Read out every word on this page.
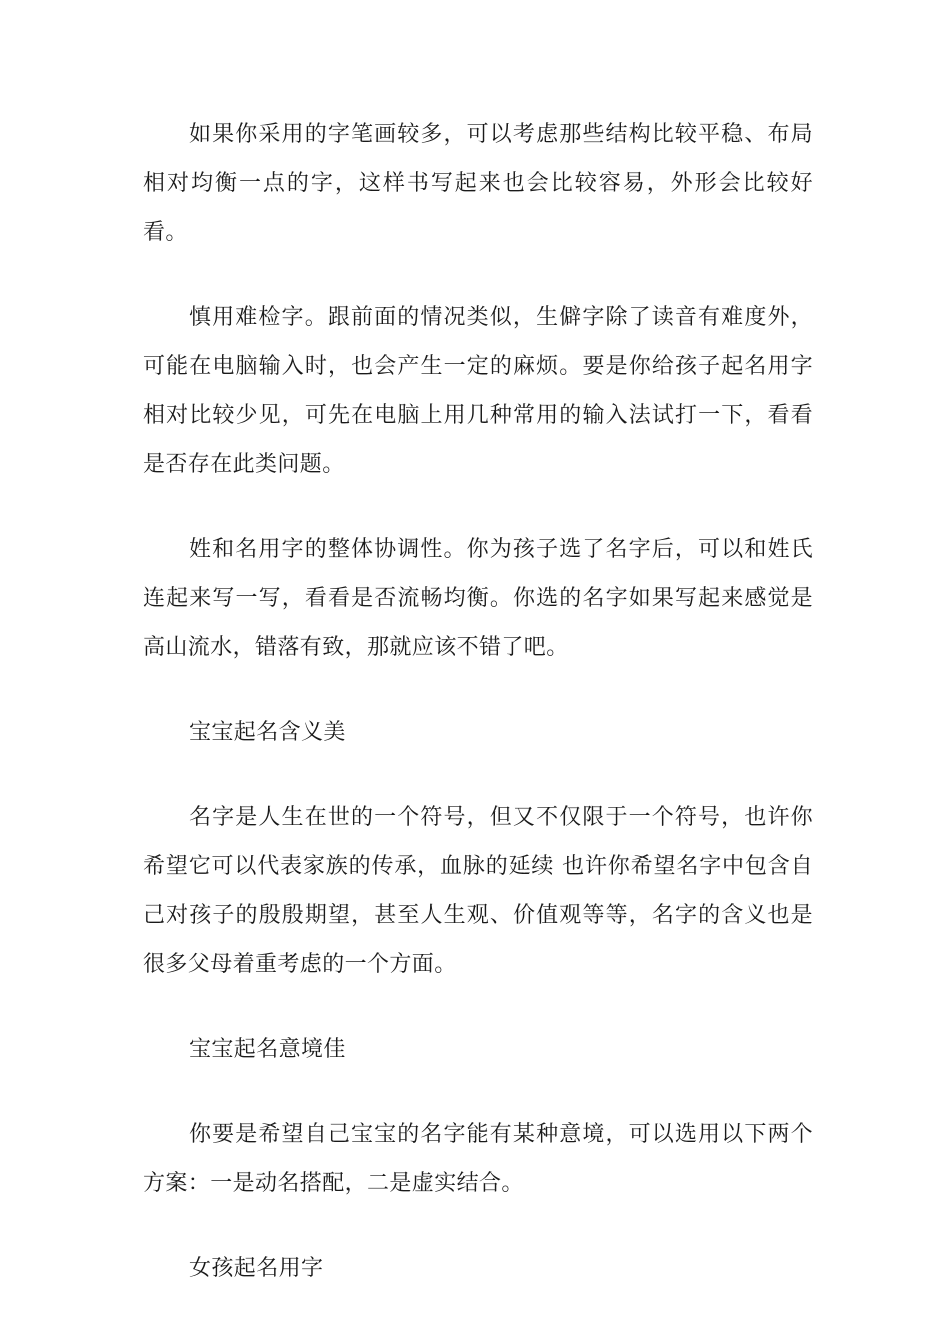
如果你采用的字笔画较多，可以考虑那些结构比较平稳、布局相对均衡一点的字，这样书写起来也会比较容易，外形会比较好看。

慎用难检字。跟前面的情况类似，生僻字除了读音有难度外，可能在电脑输入时，也会产生一定的麻烦。要是你给孩子起名用字相对比较少见，可先在电脑上用几种常用的输入法试打一下，看看是否存在此类问题。

姓和名用字的整体协调性。你为孩子选了名字后，可以和姓氏连起来写一写，看看是否流畅均衡。你选的名字如果写起来感觉是高山流水，错落有致，那就应该不错了吧。

宝宝起名含义美

名字是人生在世的一个符号，但又不仅限于一个符号，也许你希望它可以代表家族的传承，血脉的延续 也许你希望名字中包含自己对孩子的殷殷期望，甚至人生观、价值观等等，名字的含义也是很多父母着重考虑的一个方面。

宝宝起名意境佳

你要是希望自己宝宝的名字能有某种意境，可以选用以下两个方案：一是动名搭配，二是虚实结合。

女孩起名用字
